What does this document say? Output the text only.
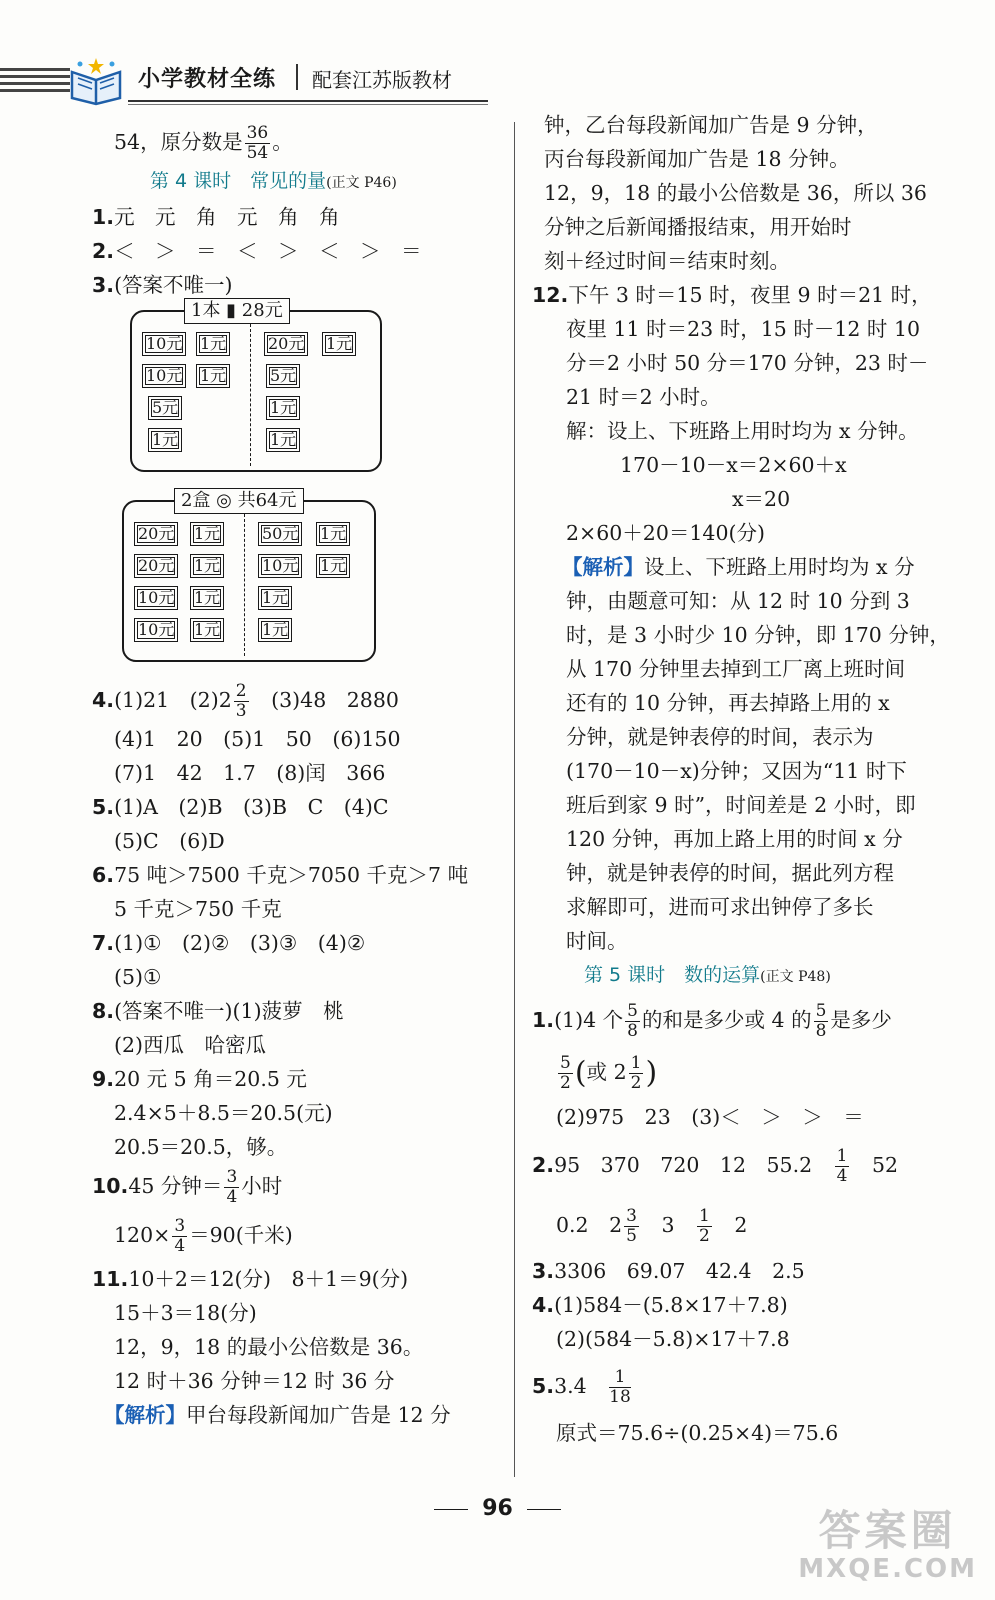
小学教材全练 配套江苏版教材
54，原分数是 $\frac{36}{54}$ 。
第 4 课时　常见的量(正文 P46)
1.元　元　角　元　角　角
2.＜　＞　＝　＜　＞　＜　＞　＝
3.(答案不唯一)
1本 ▮ 28元
10元 1元
10元 1元
5元
1元
20元 1元
5元
1元
1元
2盒 ◎ 共64元
20元 1元
20元 1元
10元 1元
10元 1元
50元 1元
10元 1元
1元
1元
4.(1)21　$(2)2 \frac{2}{3}$ 　(3)48　2880
(4)1　20　(5)1　50　(6)150
(7)1　42　1.7　(8)闰　366
5.(1)A　(2)B　(3)B　C　(4)C
(5)C　(6)D
6.75 吨＞7500 千克＞7050 千克＞7 吨
5 千克＞750 千克
7.(1)①　(2)②　(3)③　(4)②
(5)①
8.(答案不唯一)(1)菠萝　桃
(2)西瓜　哈密瓜
9.20 元 5 角＝20.5 元
2.4×5＋8.5＝20.5(元)
20.5＝20.5，够。
10.45 分钟＝ $\frac{3}{4}$ 小时
$120\times \frac{3}{4} =90$(千米)
11.10＋2＝12(分)　8＋1＝9(分)
15＋3＝18(分)
12，9，18 的最小公倍数是 36。
12 时＋36 分钟＝12 时 36 分
【解析】甲台每段新闻加广告是 12 分
钟，乙台每段新闻加广告是 9 分钟，
丙台每段新闻加广告是 18 分钟。
12，9，18 的最小公倍数是 36，所以 36
分钟之后新闻播报结束，用开始时
刻＋经过时间＝结束时刻。
12.下午 3 时＝15 时，夜里 9 时＝21 时，
夜里 11 时＝23 时，15 时－12 时 10
分＝2 小时 50 分＝170 分钟，23 时－
21 时＝2 小时。
解：设上、下班路上用时均为 x 分钟。
170－10－x＝2×60＋x
x＝20
2×60＋20＝140(分)
【解析】设上、下班路上用时均为 x 分
钟，由题意可知：从 12 时 10 分到 3
时，是 3 小时少 10 分钟，即 170 分钟，
从 170 分钟里去掉到工厂离上班时间
还有的 10 分钟，再去掉路上用的 x
分钟，就是钟表停的时间，表示为
(170－10－x)分钟；又因为“11 时下
班后到家 9 时”，时间差是 2 小时，即
120 分钟，再加上路上用的时间 x 分
钟，就是钟表停的时间，据此列方程
求解即可，进而可求出钟停了多长
时间。
第 5 课时　数的运算(正文 P48)
1.(1)4 个 $\frac{5}{8}$ 的和是多少或 4 的 $\frac{5}{8}$ 是多少
$\frac{5}{2}$ (或 $2 \frac{1}{2}$ )
(2)975　23　(3)＜　＞　＞　＝
2.95　370　720　12　55.2　 $\frac{1}{4}$
　 52
0.2　$2 \frac{3}{5}$
　 3　 $\frac{1}{2}$
　 2
3.3306　69.07　42.4　2.5
4.(1)584－(5.8×17＋7.8)
(2)(584－5.8)×17＋7.8
5.3.4　 $\frac{1}{18}$
原式＝75.6÷(0.25×4)＝75.6
96	答案圈
MXQE.COM
